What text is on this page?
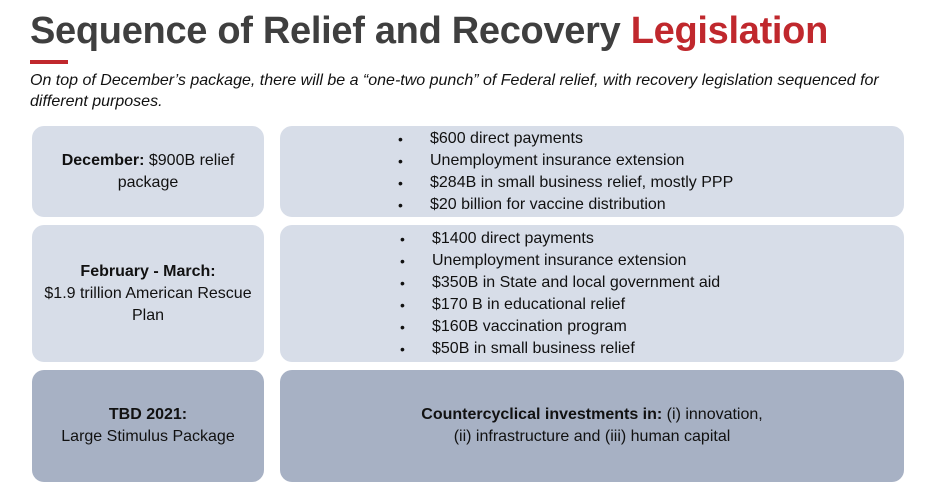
Sequence of Relief and Recovery Legislation
On top of December’s package, there will be a “one-two punch” of Federal relief, with recovery legislation sequenced for different purposes.
December: $900B relief package
• $600 direct payments
• Unemployment insurance extension
• $284B in small business relief, mostly PPP
• $20 billion for vaccine distribution
February - March:
$1.9 trillion American Rescue Plan
• $1400 direct payments
• Unemployment insurance extension
• $350B in State and local government aid
• $170 B in educational relief
• $160B vaccination program
• $50B in small business relief
TBD 2021:
Large Stimulus Package
Countercyclical investments in: (i) innovation,
(ii) infrastructure and (iii) human capital
